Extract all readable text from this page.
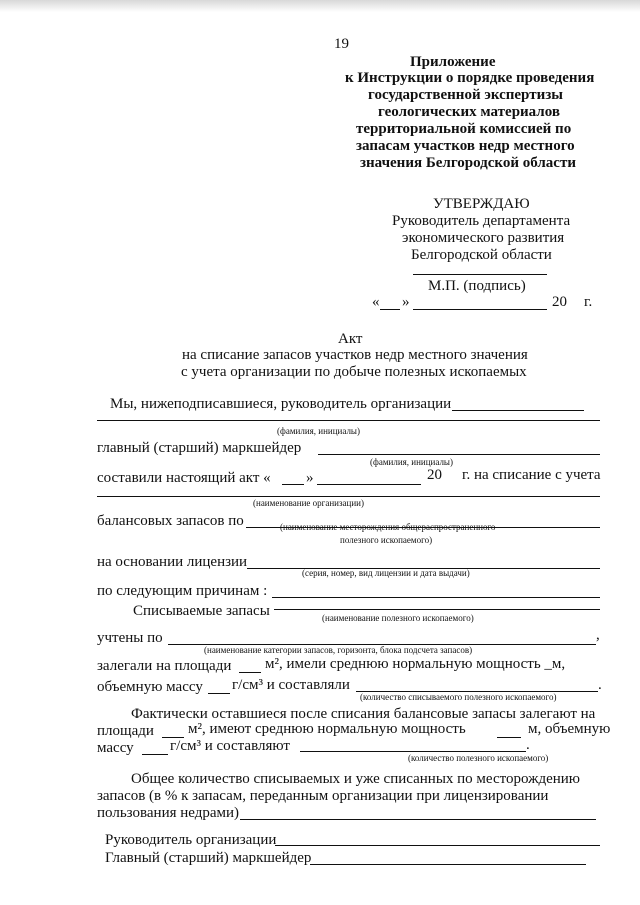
19
Приложение
к Инструкции о порядке проведения
государственной экспертизы
геологических материалов
территориальной комиссией по
запасам участков недр местного
значения Белгородской области
УТВЕРЖДАЮ
Руководитель департамента
экономического развития
Белгородской области
М.П. (подпись)
« »	20 г.
Акт
на списание запасов участков недр местного значения
с учета организации по добыче полезных ископаемых
Мы, нижеподписавшиеся, руководитель организации
(фамилия, инициалы)
главный (старший) маркшейдер
(фамилия, инициалы)
составили настоящий акт « »	20 г. на списание с учета
(наименование организации)
балансовых запасов по	(наименование месторождения общераспространенного
полезного ископаемого)
на основании лицензии
(серия, номер, вид лицензии и дата выдачи)
по следующим причинам :
Списываемые запасы	(наименование полезного ископаемого)
учтены по	,
(наименование категории запасов, горизонта, блока подсчета запасов)
залегали на площади м², имели среднюю нормальную мощность _м,
объемную массу г/см³ и составляли	.
(количество списываемого полезного ископаемого)
Фактически оставшиеся после списания балансовые запасы залегают на
площади м², имеют среднюю нормальную мощность	м, объемную
массу г/см³ и составляют	.
(количество полезного ископаемого)
Общее количество списываемых и уже списанных по месторождению
запасов (в % к запасам, переданным организации при лицензировании
пользования недрами)
Руководитель организации
Главный (старший) маркшейдер
